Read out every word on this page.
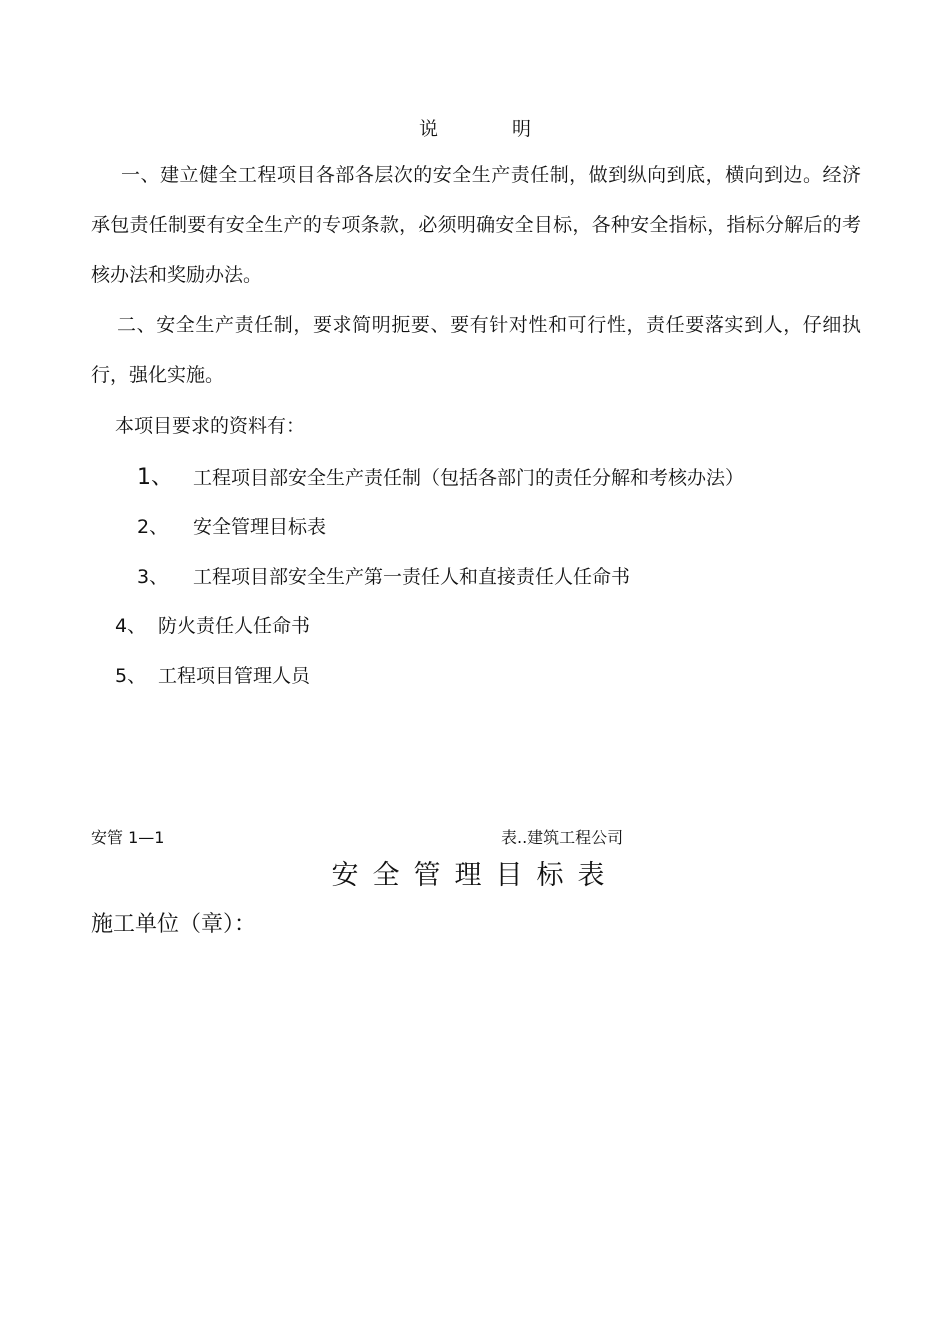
说	明
一、建立健全工程项目各部各层次的安全生产责任制，做到纵向到底，横向到边。经济承包责任制要有安全生产的专项条款，必须明确安全目标，各种安全指标，指标分解后的考核办法和奖励办法。
二、安全生产责任制，要求简明扼要、要有针对性和可行性，责任要落实到人，仔细执行，强化实施。
本项目要求的资料有：
1、 工程项目部安全生产责任制（包括各部门的责任分解和考核办法）
2、 安全管理目标表
3、 工程项目部安全生产第一责任人和直接责任人任命书
4、 防火责任人任命书
5、 工程项目管理人员
安管 1—1	表..建筑工程公司
安全管理目标表
施工单位（章）：
